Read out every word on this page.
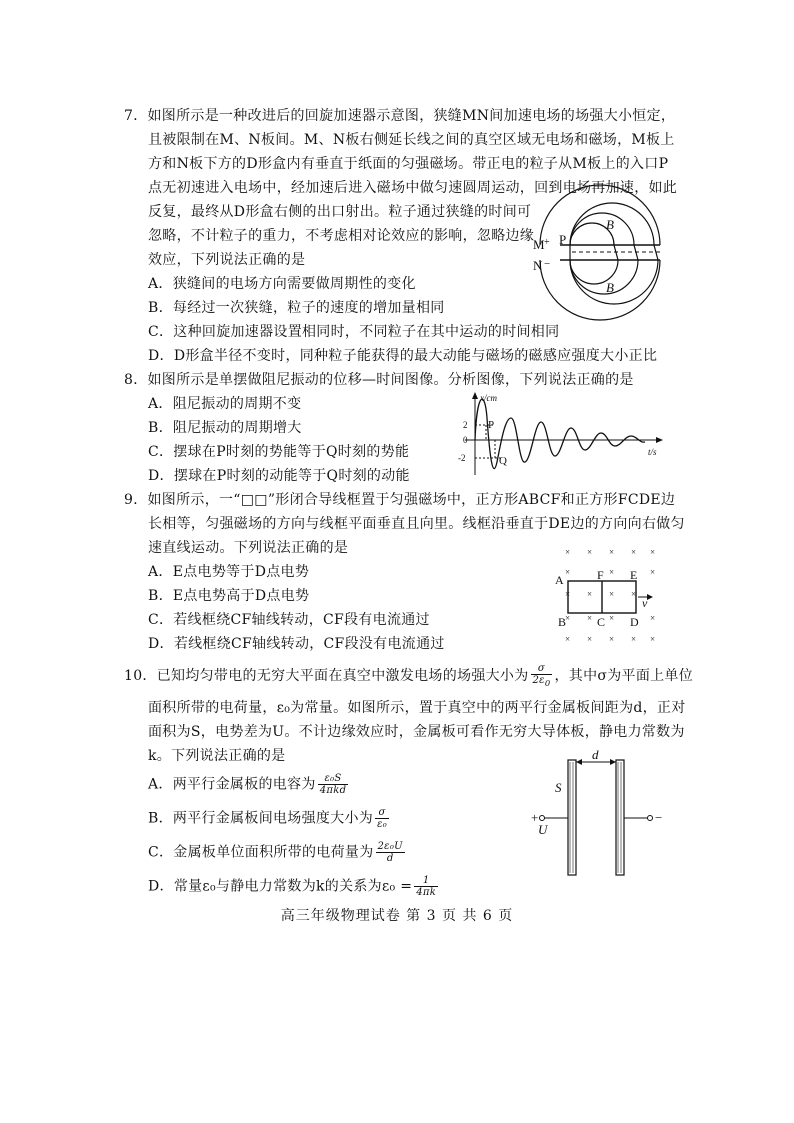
7．如图所示是一种改进后的回旋加速器示意图，狭缝MN间加速电场的场强大小恒定，
且被限制在M、N板间。M、N板右侧延长线之间的真空区域无电场和磁场，M板上
方和N板下方的D形盒内有垂直于纸面的匀强磁场。带正电的粒子从M板上的入口P
点无初速进入电场中，经加速后进入磁场中做匀速圆周运动，回到电场再加速，如此
反复，最终从D形盒右侧的出口射出。粒子通过狭缝的时间可
忽略，不计粒子的重力，不考虑相对论效应的影响，忽略边缘
效应，下列说法正确的是
A．狭缝间的电场方向需要做周期性的变化
B．每经过一次狭缝，粒子的速度的增加量相同
C．这种回旋加速器设置相同时，不同粒子在其中运动的时间相同
D．D形盒半径不变时，同种粒子能获得的最大动能与磁场的磁感应强度大小正比
B
B
M +
N −
P
8．如图所示是单摆做阻尼振动的位移—时间图像。分析图像，下列说法正确的是
A．阻尼振动的周期不变
B．阻尼振动的周期增大
C．摆球在P时刻的势能等于Q时刻的势能
D．摆球在P时刻的动能等于Q时刻的动能
x/cm
t/s
2
0
-2
P
Q
9．如图所示，一“□□”形闭合导线框置于匀强磁场中，正方形ABCF和正方形FCDE边
长相等，匀强磁场的方向与线框平面垂直且向里。线框沿垂直于DE边的方向向右做匀
速直线运动。下列说法正确的是
A．E点电势等于D点电势
B．E点电势高于D点电势
C．若线框绕CF轴线转动，CF段有电流通过
D．若线框绕CF轴线转动，CF段没有电流通过
× × × × ×
×	×	×
× × × ×
× × ×	×
× × × × ×
A	F E
B	C D
v
10．已知均匀带电的无穷大平面在真空中激发电场的场强大小为 $\frac{\sigma}{2\varepsilon_0}$ ，其中σ为平面上单位
面积所带的电荷量，ε₀为常量。如图所示，置于真空中的两平行金属板间距为d，正对
面积为S，电势差为U。不计边缘效应时，金属板可看作无穷大导体板，静电力常数为
k。下列说法正确的是
A．两平行金属板的电容为 $\frac{\text{ε₀S}}{\text{4πkd}}$
B．两平行金属板间电场强度大小为 $\frac{\sigma}{\text{ε₀}}$
C．金属板单位面积所带的电荷量为 $\frac{\text{2ε₀U}}{d}$
D．常量ε₀与静电力常数为k的关系为$\varepsilon_0 = \frac{1}{4\pi k}$
d
S
+	−
U
高三年级物理试卷 第 3 页 共 6 页
